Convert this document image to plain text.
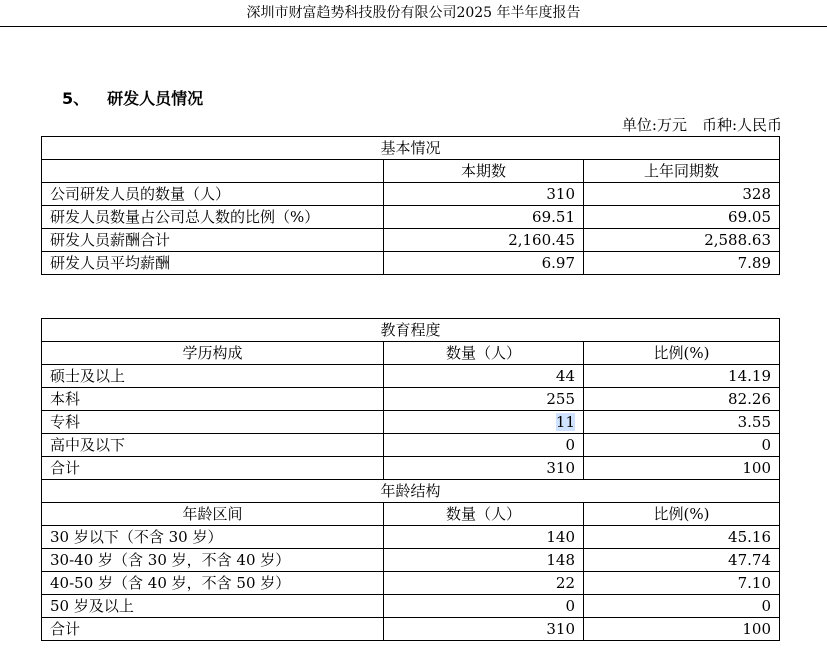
深圳市财富趋势科技股份有限公司2025 年半年度报告
5、 研发人员情况
单位:万元　币种:人民币
基本情况		
	本期数	上年同期数
公司研发人员的数量（人）	310	328
研发人员数量占公司总人数的比例（%）	69.51	69.05
研发人员薪酬合计	2,160.45	2,588.63
研发人员平均薪酬	6.97	7.89
教育程度		
学历构成	数量（人）	比例(%)
硕士及以上	44	14.19
本科	255	82.26
专科	11	3.55
高中及以下	0	0
合计	310	100
年龄结构		
年龄区间	数量（人）	比例(%)
30 岁以下（不含 30 岁）	140	45.16
30-40 岁（含 30 岁，不含 40 岁）	148	47.74
40-50 岁（含 40 岁，不含 50 岁）	22	7.10
50 岁及以上	0	0
合计	310	100
